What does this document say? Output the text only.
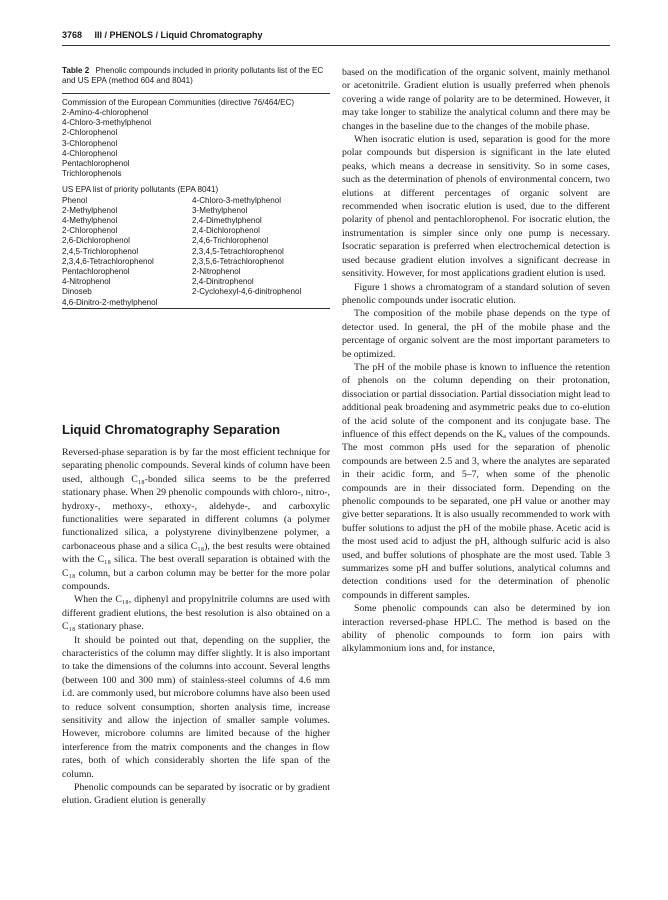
3768 III / PHENOLS / Liquid Chromatography
Table 2 Phenolic compounds included in priority pollutants list of the EC and US EPA (method 604 and 8041)
Commission of the European Communities (directive 76/464/EC)
2-Amino-4-chlorophenol
4-Chloro-3-methylphenol
2-Chlorophenol
3-Chlorophenol
4-Chlorophenol
Pentachlorophenol
Trichlorophenols
US EPA list of priority pollutants (EPA 8041)
Phenol	4-Chloro-3-methylphenol
2-Methylphenol	3-Methylphenol
4-Methylphenol	2,4-Dimethylphenol
2-Chlorophenol	2,4-Dichlorophenol
2,6-Dichlorophenol	2,4,6-Trichlorophenol
2,4,5-Trichlorophenol	2,3,4,5-Tetrachlorophenol
2,3,4,6-Tetrachlorophenol	2,3,5,6-Tetrachlorophenol
Pentachlorophenol	2-Nitrophenol
4-Nitrophenol	2,4-Dinitrophenol
Dinoseb	2-Cyclohexyl-4,6-dinitrophenol
4,6-Dinitro-2-methylphenol
Liquid Chromatography Separation

Reversed-phase separation is by far the most efficient technique for separating phenolic compounds. Several kinds of column have been used, although C₁₈-bonded silica seems to be the preferred stationary phase. When 29 phenolic compounds with chloro-, nitro-, hydroxy-, methoxy-, ethoxy-, aldehyde-, and carboxylic functionalities were separated in different columns (a polymer functionalized silica, a polystyrene divinylbenzene polymer, a carbonaceous phase and a silica C₁₈), the best results were obtained with the C₁₈ silica. The best overall separation is obtained with the C₁₈ column, but a carbon column may be better for the more polar compounds.

When the C₁₈, diphenyl and propylnitrile columns are used with different gradient elutions, the best resolution is also obtained on a C₁₈ stationary phase.

It should be pointed out that, depending on the supplier, the characteristics of the column may differ slightly. It is also important to take the dimensions of the columns into account. Several lengths (between 100 and 300 mm) of stainless-steel columns of 4.6 mm i.d. are commonly used, but microbore columns have also been used to reduce solvent consumption, shorten analysis time, increase sensitivity and allow the injection of smaller sample volumes. However, microbore columns are limited because of the higher interference from the matrix components and the changes in flow rates, both of which considerably shorten the life span of the column.

Phenolic compounds can be separated by isocratic or by gradient elution. Gradient elution is generally

based on the modification of the organic solvent, mainly methanol or acetonitrile. Gradient elution is usually preferred when phenols covering a wide range of polarity are to be determined. However, it may take longer to stabilize the analytical column and there may be changes in the baseline due to the changes of the mobile phase.

When isocratic elution is used, separation is good for the more polar compounds but dispersion is significant in the late eluted peaks, which means a decrease in sensitivity. So in some cases, such as the determination of phenols of environmental concern, two elutions at different percentages of organic solvent are recommended when isocratic elution is used, due to the different polarity of phenol and pentachlorophenol. For isocratic elution, the instrumentation is simpler since only one pump is necessary. Isocratic separation is preferred when electrochemical detection is used because gradient elution involves a significant decrease in sensitivity. However, for most applications gradient elution is used.

Figure 1 shows a chromatogram of a standard solution of seven phenolic compounds under isocratic elution.

The composition of the mobile phase depends on the type of detector used. In general, the pH of the mobile phase and the percentage of organic solvent are the most important parameters to be optimized.

The pH of the mobile phase is known to influence the retention of phenols on the column depending on their protonation, dissociation or partial dissociation. Partial dissociation might lead to additional peak broadening and asymmetric peaks due to co-elution of the acid solute of the component and its conjugate base. The influence of this effect depends on the Kₐ values of the compounds. The most common pHs used for the separation of phenolic compounds are between 2.5 and 3, where the analytes are separated in their acidic form, and 5–7, when some of the phenolic compounds are in their dissociated form. Depending on the phenolic compounds to be separated, one pH value or another may give better separations. It is also usually recommended to work with buffer solutions to adjust the pH of the mobile phase. Acetic acid is the most used acid to adjust the pH, although sulfuric acid is also used, and buffer solutions of phosphate are the most used. Table 3 summarizes some pH and buffer solutions, analytical columns and detection conditions used for the determination of phenolic compounds in different samples.

Some phenolic compounds can also be determined by ion interaction reversed-phase HPLC. The method is based on the ability of phenolic compounds to form ion pairs with alkylammonium ions and, for instance,
